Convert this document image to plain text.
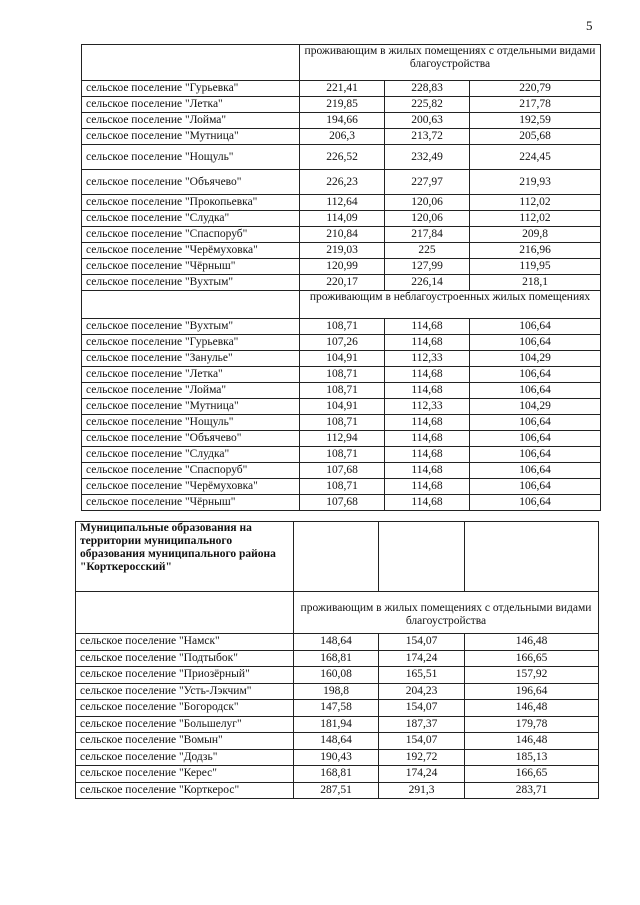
5
	проживающим в жилых помещениях с отдельными видами благоустройства		
сельское поселение "Гурьевка"	221,41	228,83	220,79
сельское поселение "Летка"	219,85	225,82	217,78
сельское поселение "Лойма"	194,66	200,63	192,59
сельское поселение "Мутница"	206,3	213,72	205,68
сельское поселение "Нощуль"	226,52	232,49	224,45
сельское поселение "Объячево"	226,23	227,97	219,93
сельское поселение "Прокопьевка"	112,64	120,06	112,02
сельское поселение "Слудка"	114,09	120,06	112,02
сельское поселение "Спаспоруб"	210,84	217,84	209,8
сельское поселение "Черёмуховка"	219,03	225	216,96
сельское поселение "Чёрныш"	120,99	127,99	119,95
сельское поселение "Вухтым"	220,17	226,14	218,1
	проживающим в неблагоустроенных жилых помещениях		
сельское поселение "Вухтым"	108,71	114,68	106,64
сельское поселение "Гурьевка"	107,26	114,68	106,64
сельское поселение "Занулье"	104,91	112,33	104,29
сельское поселение "Летка"	108,71	114,68	106,64
сельское поселение "Лойма"	108,71	114,68	106,64
сельское поселение "Мутница"	104,91	112,33	104,29
сельское поселение "Нощуль"	108,71	114,68	106,64
сельское поселение "Объячево"	112,94	114,68	106,64
сельское поселение "Слудка"	108,71	114,68	106,64
сельское поселение "Спаспоруб"	107,68	114,68	106,64
сельское поселение "Черёмуховка"	108,71	114,68	106,64
сельское поселение "Чёрныш"	107,68	114,68	106,64
Муниципальные образования на территории муниципального образования муниципального района "Корткеросский"			
	проживающим в жилых помещениях с отдельными видами благоустройства		
сельское поселение "Намск"	148,64	154,07	146,48
сельское поселение "Подтыбок"	168,81	174,24	166,65
сельское поселение "Приозёрный"	160,08	165,51	157,92
сельское поселение "Усть-Лэкчим"	198,8	204,23	196,64
сельское поселение "Богородск"	147,58	154,07	146,48
сельское поселение "Большелуг"	181,94	187,37	179,78
сельское поселение "Вомын"	148,64	154,07	146,48
сельское поселение "Додзь"	190,43	192,72	185,13
сельское поселение "Керес"	168,81	174,24	166,65
сельское поселение "Корткерос"	287,51	291,3	283,71
